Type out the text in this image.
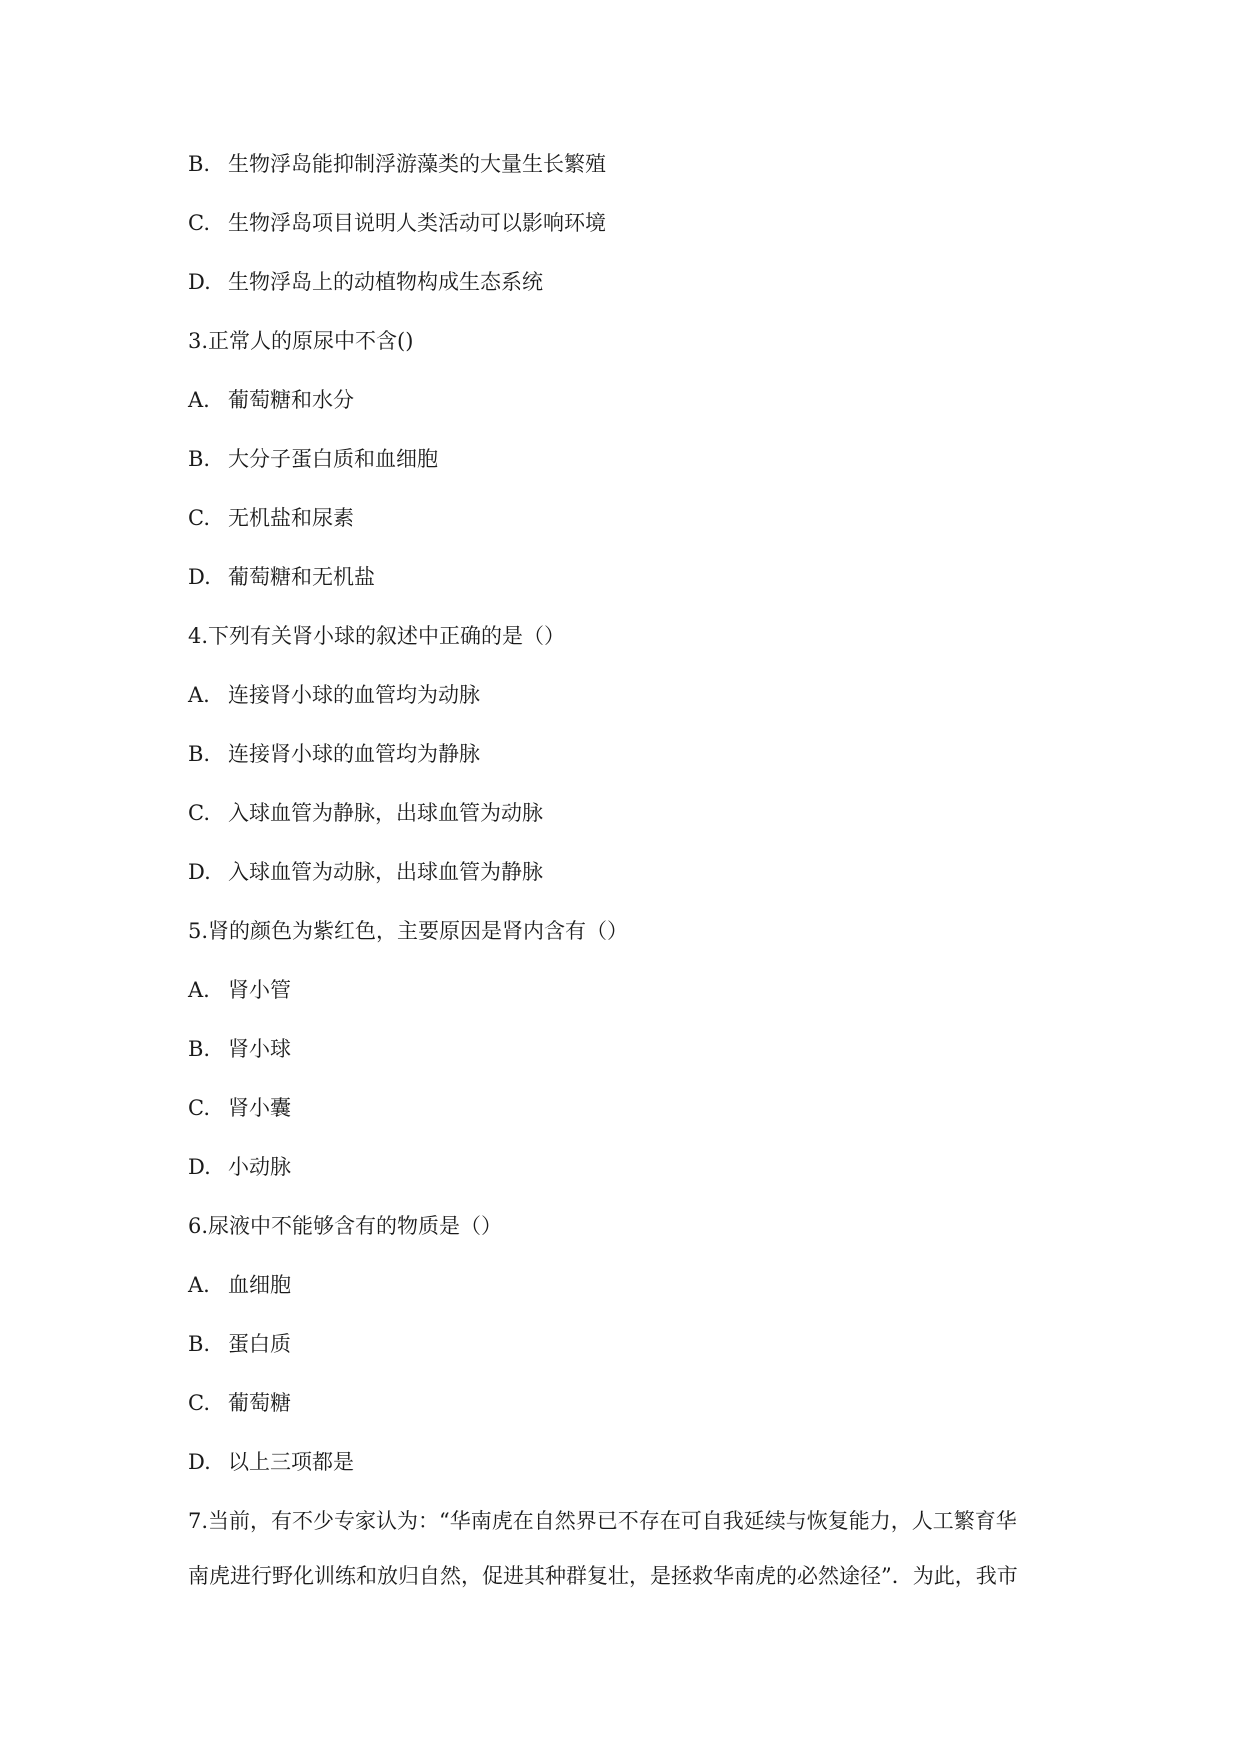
B. 生物浮岛能抑制浮游藻类的大量生长繁殖
C. 生物浮岛项目说明人类活动可以影响环境
D. 生物浮岛上的动植物构成生态系统
3.正常人的原尿中不含()
A. 葡萄糖和水分
B. 大分子蛋白质和血细胞
C. 无机盐和尿素
D. 葡萄糖和无机盐
4.下列有关肾小球的叙述中正确的是（）
A. 连接肾小球的血管均为动脉
B. 连接肾小球的血管均为静脉
C. 入球血管为静脉，出球血管为动脉
D. 入球血管为动脉，出球血管为静脉
5.肾的颜色为紫红色，主要原因是肾内含有（）
A. 肾小管
B. 肾小球
C. 肾小囊
D. 小动脉
6.尿液中不能够含有的物质是（）
A. 血细胞
B. 蛋白质
C. 葡萄糖
D. 以上三项都是
7.当前，有不少专家认为：“华南虎在自然界已不存在可自我延续与恢复能力，人工繁育华
南虎进行野化训练和放归自然，促进其种群复壮，是拯救华南虎的必然途径”．为此，我市
